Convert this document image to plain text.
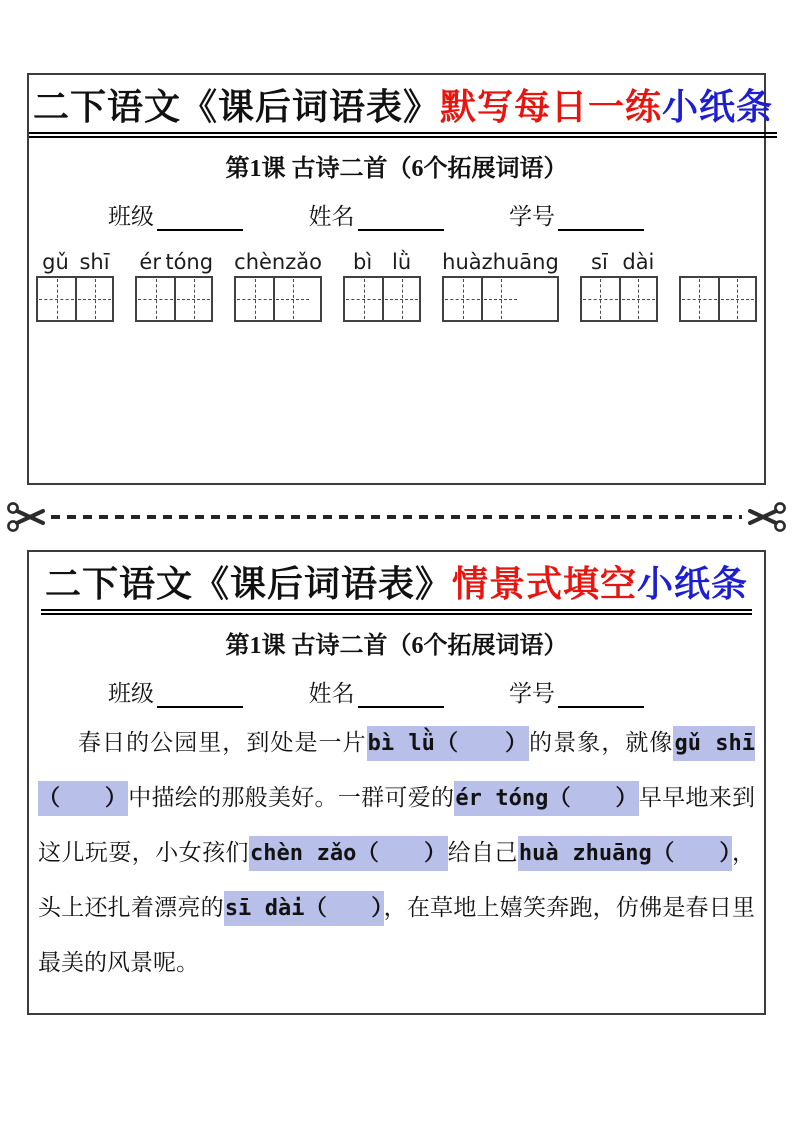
二下语文《课后词语表》默写每日一练小纸条
第1课 古诗二首（6个拓展词语）
班级	姓名	学号
gǔ shī ér tóng chèn zǎo	bì lǜ	huà zhuāng	sī dài
二下语文《课后词语表》情景式填空小纸条
第1课 古诗二首（6个拓展词语）
班级	姓名	学号

春日的公园里，到处是一片bì lǜ（　　）的景象，就像gǔ shī（　　）中描绘的那般美好。一群可爱的ér tóng（　　）早早地来到这儿玩耍，小女孩们chèn zǎo（　　）给自己huà zhuāng（　　），头上还扎着漂亮的sī dài（　　），在草地上嬉笑奔跑，仿佛是春日里最美的风景呢。
